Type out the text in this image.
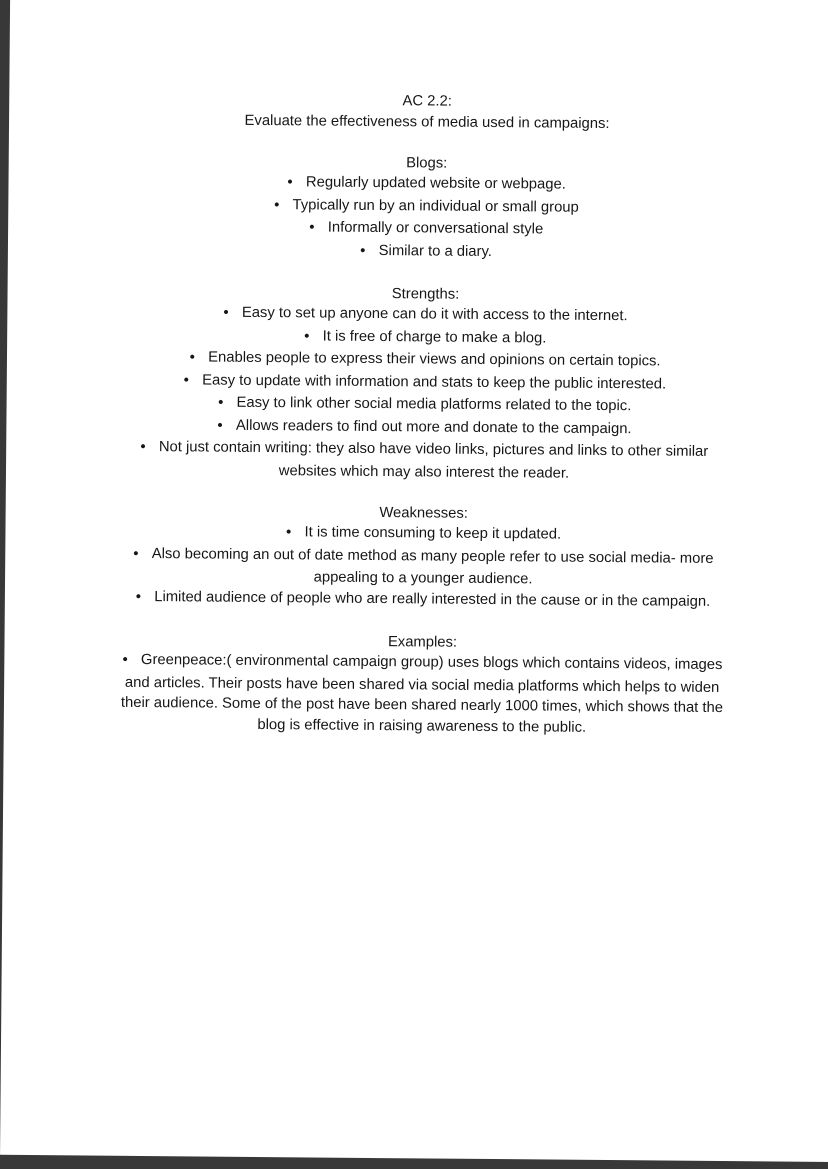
AC 2.2:

Evaluate the effectiveness of media used in campaigns:

Blogs:

● Regularly updated website or webpage.

● Typically run by an individual or small group

● Informally or conversational style

● Similar to a diary.

Strengths:

● Easy to set up anyone can do it with access to the internet.

● It is free of charge to make a blog.

● Enables people to express their views and opinions on certain topics.

● Easy to update with information and stats to keep the public interested.

● Easy to link other social media platforms related to the topic.

● Allows readers to find out more and donate to the campaign.

● Not just contain writing: they also have video links, pictures and links to other similar websites which may also interest the reader.

Weaknesses:

● It is time consuming to keep it updated.

● Also becoming an out of date method as many people refer to use social media- more appealing to a younger audience.

● Limited audience of people who are really interested in the cause or in the campaign.

Examples:

● Greenpeace:( environmental campaign group) uses blogs which contains videos, images and articles. Their posts have been shared via social media platforms which helps to widen their audience. Some of the post have been shared nearly 1000 times, which shows that the blog is effective in raising awareness to the public.
